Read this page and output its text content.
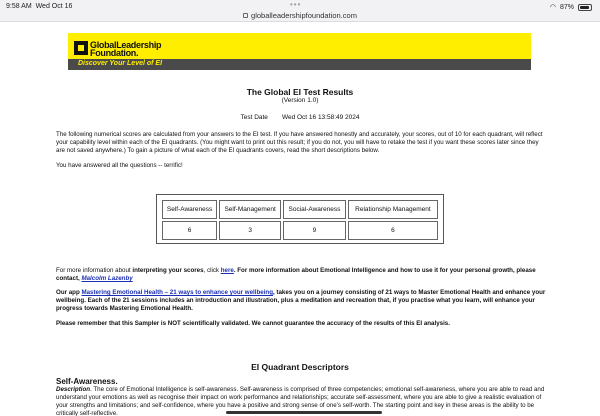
9:58 AM Wed Oct 16	•••
globalleadershipfoundation.com
◠ 87%
GlobalLeadership
Foundation.
Discover Your Level of EI
The Global EI Test Results
(Version 1.0)
Test Date Wed Oct 16 13:58:49 2024
The following numerical scores are calculated from your answers to the EI test. If you have answered honestly and accurately, your scores, out of 10 for each quadrant, will reflect your capability level within each of the EI quadrants. (You might want to print out this result; if you do not, you will have to retake the test if you want these scores later since they are not saved anywhere.) To gain a picture of what each of the EI quadrants covers, read the short descriptions below.
You have answered all the questions -- terrific!
Self-Awareness	Self-Management	Social-Awareness	Relationship Management
6	3	9	6
For more information about interpreting your scores, click here. For more information about Emotional Intelligence and how to use it for your personal growth, please contact, Malcolm Lazenby
Our app Mastering Emotional Health – 21 ways to enhance your wellbeing, takes you on a journey consisting of 21 ways to Master Emotional Health and enhance your wellbeing. Each of the 21 sessions includes an introduction and illustration, plus a meditation and recreation that, if you practise what you learn, will enhance your progress towards Mastering Emotional Health.
Please remember that this Sampler is NOT scientifically validated. We cannot guarantee the accuracy of the results of this EI analysis.
EI Quadrant Descriptors
Self-Awareness.
Description. The core of Emotional Intelligence is self-awareness. Self-awareness is comprised of three competencies; emotional self-awareness, where you are able to read and understand your emotions as well as recognise their impact on work performance and relationships; accurate self-assessment, where you are able to give a realistic evaluation of your strengths and limitations; and self-confidence, where you have a positive and strong sense of one's self-worth. The starting point and key in these areas is the ability to be critically self-reflective.
